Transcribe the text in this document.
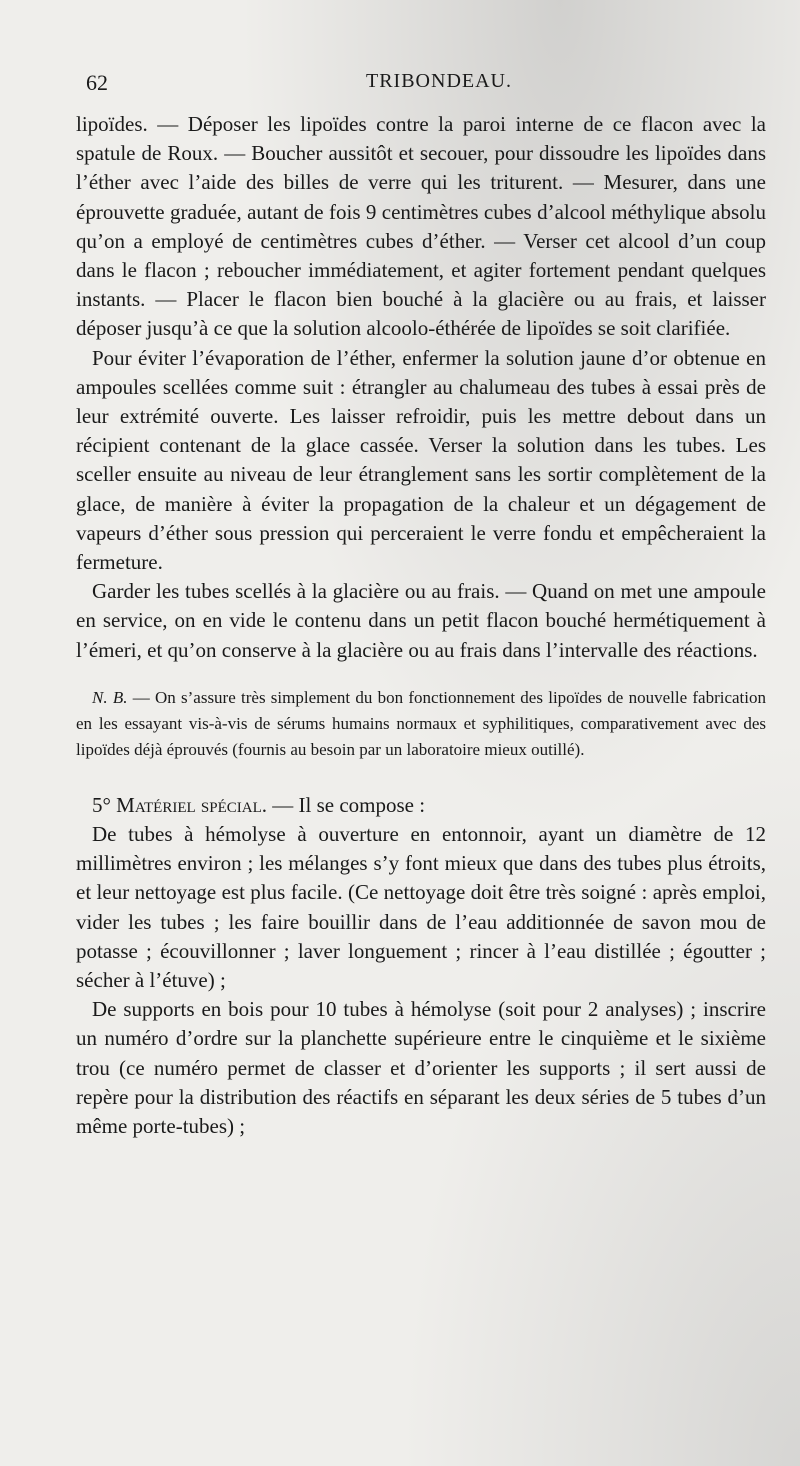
62	TRIBONDEAU.

lipoïdes. — Déposer les lipoïdes contre la paroi interne de ce flacon avec la spatule de Roux. — Boucher aussitôt et secouer, pour dissoudre les lipoïdes dans l’éther avec l’aide des billes de verre qui les triturent. — Mesurer, dans une éprouvette graduée, autant de fois 9 centimètres cubes d’alcool méthylique absolu qu’on a employé de centimètres cubes d’éther. — Verser cet alcool d’un coup dans le flacon ; reboucher immédiatement, et agiter fortement pendant quelques instants. — Placer le flacon bien bouché à la glacière ou au frais, et laisser déposer jusqu’à ce que la solution alcoolo-éthérée de lipoïdes se soit clarifiée.

Pour éviter l’évaporation de l’éther, enfermer la solution jaune d’or obtenue en ampoules scellées comme suit : étrangler au chalumeau des tubes à essai près de leur extrémité ouverte. Les laisser refroidir, puis les mettre debout dans un récipient contenant de la glace cassée. Verser la solution dans les tubes. Les sceller ensuite au niveau de leur étranglement sans les sortir complètement de la glace, de manière à éviter la propagation de la chaleur et un dégagement de vapeurs d’éther sous pression qui perceraient le verre fondu et empêcheraient la fermeture.

Garder les tubes scellés à la glacière ou au frais. — Quand on met une ampoule en service, on en vide le contenu dans un petit flacon bouché hermétiquement à l’émeri, et qu’on conserve à la glacière ou au frais dans l’intervalle des réactions.

N. B. — On s’assure très simplement du bon fonctionnement des lipoïdes de nouvelle fabrication en les essayant vis-à-vis de sérums humains normaux et syphilitiques, comparativement avec des lipoïdes déjà éprouvés (fournis au besoin par un laboratoire mieux outillé).

5° Matériel spécial. — Il se compose :

De tubes à hémolyse à ouverture en entonnoir, ayant un diamètre de 12 millimètres environ ; les mélanges s’y font mieux que dans des tubes plus étroits, et leur nettoyage est plus facile. (Ce nettoyage doit être très soigné : après emploi, vider les tubes ; les faire bouillir dans de l’eau additionnée de savon mou de potasse ; écouvillonner ; laver longuement ; rincer à l’eau distillée ; égoutter ; sécher à l’étuve) ;

De supports en bois pour 10 tubes à hémolyse (soit pour 2 analyses) ; inscrire un numéro d’ordre sur la planchette supérieure entre le cinquième et le sixième trou (ce numéro permet de classer et d’orienter les supports ; il sert aussi de repère pour la distribution des réactifs en séparant les deux séries de 5 tubes d’un même porte-tubes) ;
